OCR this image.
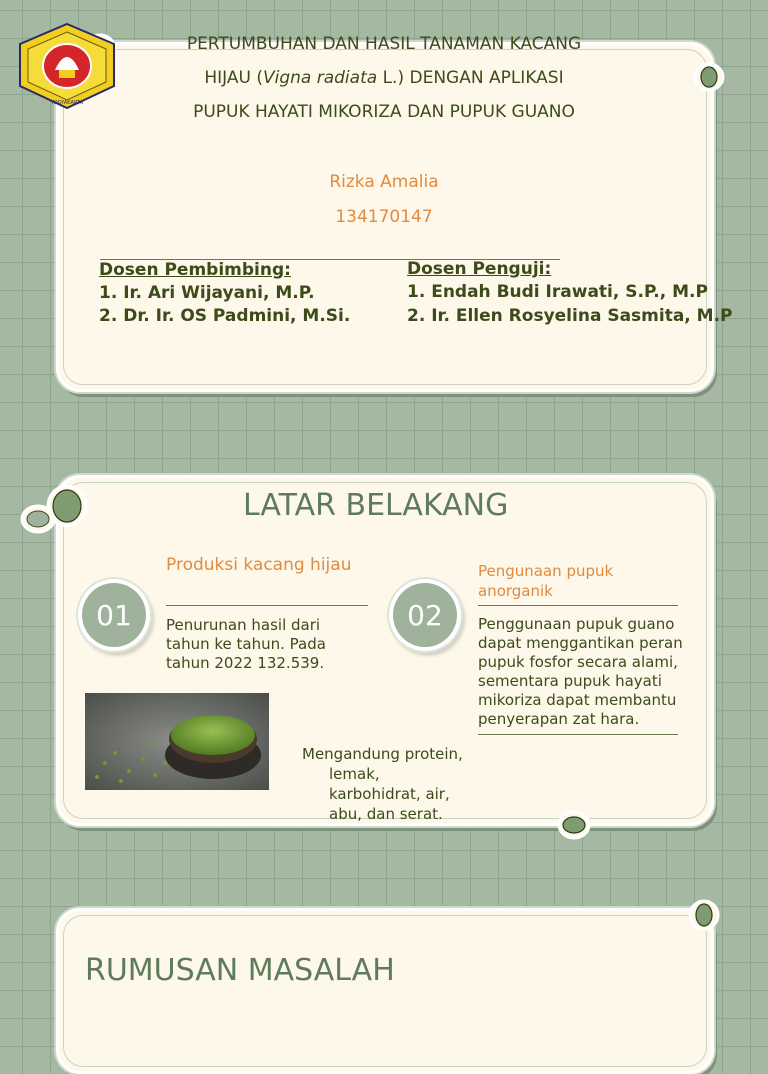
YOGYAKARTA
PERTUMBUHAN DAN HASIL TANAMAN KACANG
HIJAU (Vigna radiata L.) DENGAN APLIKASI
PUPUK HAYATI MIKORIZA DAN PUPUK GUANO
Rizka Amalia
134170147
Dosen Pembimbing:
1. Ir. Ari Wijayani, M.P.
2. Dr. Ir. OS Padmini, M.Si.
Dosen Penguji:
1. Endah Budi Irawati, S.P., M.P
2. Ir. Ellen Rosyelina Sasmita, M.P
LATAR BELAKANG
01
Produksi kacang hijau
Penurunan hasil dari tahun ke tahun. Pada tahun 2022 132.539.
02
Pengunaan pupuk anorganik
Penggunaan pupuk guano dapat menggantikan peran pupuk fosfor secara alami, sementara pupuk hayati mikoriza dapat membantu penyerapan zat hara.
Mengandung protein,
lemak, karbohidrat, air, abu, dan serat.
RUMUSAN MASALAH
